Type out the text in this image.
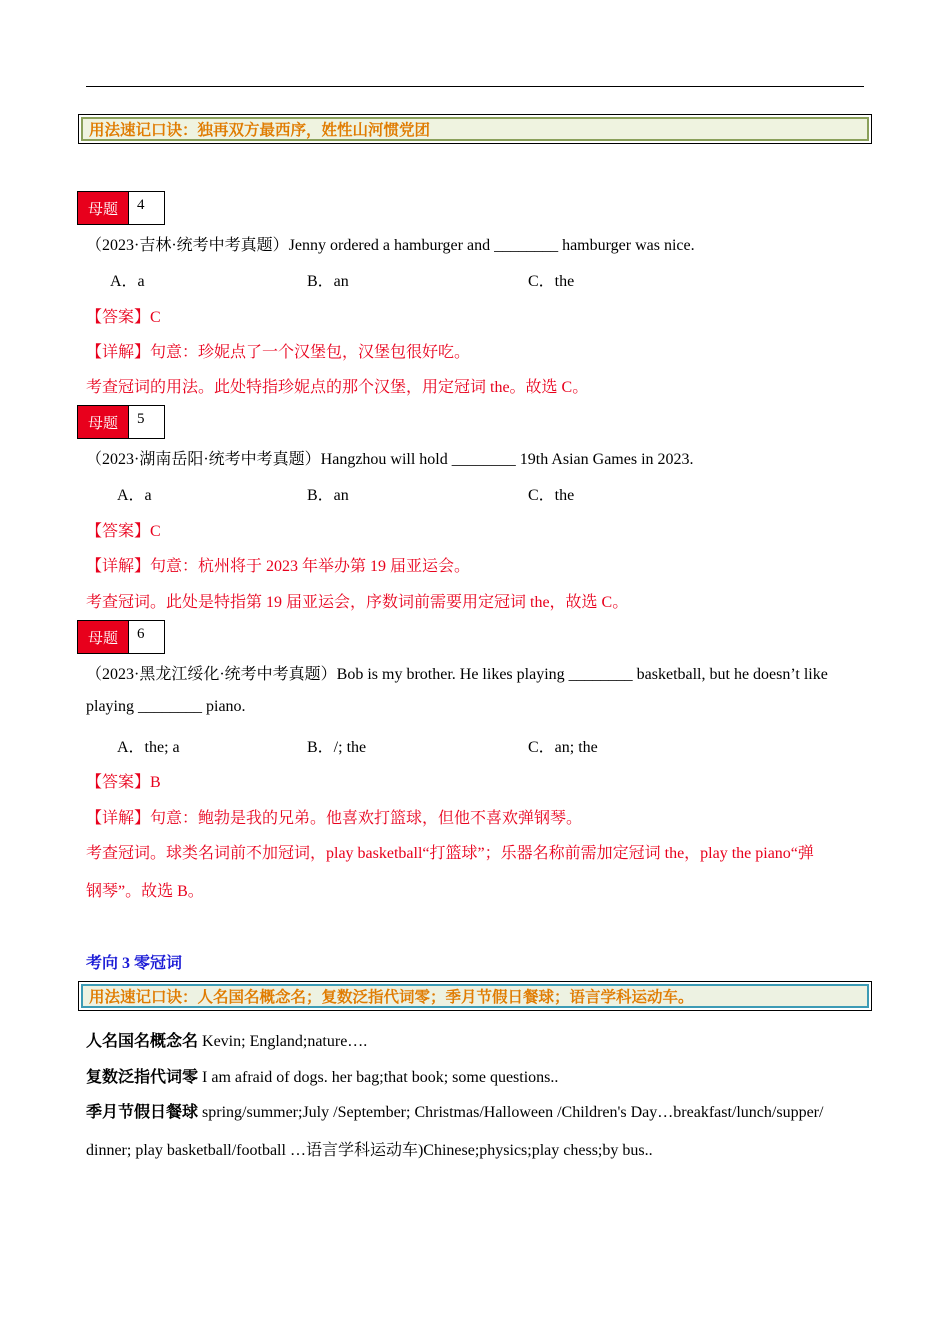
用法速记口诀：独再双方最西序，姓性山河惯党团
母题	4
（2023·吉林·统考中考真题）Jenny ordered a hamburger and ________ hamburger was nice.
A．a	B．an	C．the
【答案】C
【详解】句意：珍妮点了一个汉堡包，汉堡包很好吃。
考查冠词的用法。此处特指珍妮点的那个汉堡，用定冠词 the。故选 C。
母题	5
（2023·湖南岳阳·统考中考真题）Hangzhou will hold ________ 19th Asian Games in 2023.
A．a	B．an	C．the
【答案】C
【详解】句意：杭州将于 2023 年举办第 19 届亚运会。
考查冠词。此处是特指第 19 届亚运会，序数词前需要用定冠词 the，故选 C。
母题	6
（2023·黑龙江绥化·统考中考真题）Bob is my brother. He likes playing ________ basketball, but he doesn’t like
playing ________ piano.
A．the; a	B．/; the	C．an; the
【答案】B
【详解】句意：鲍勃是我的兄弟。他喜欢打篮球，但他不喜欢弹钢琴。
考查冠词。球类名词前不加冠词，play basketball“打篮球”；乐器名称前需加定冠词 the，play the piano“弹
钢琴”。故选 B。
考向 3 零冠词
用法速记口诀：人名国名概念名；复数泛指代词零；季月节假日餐球；语言学科运动车。
人名国名概念名 Kevin; England;nature….
复数泛指代词零 I am afraid of dogs. her bag;that book; some questions..
季月节假日餐球 spring/summer;July /September; Christmas/Halloween /Children's Day…breakfast/lunch/supper/
dinner; play basketball/football …语言学科运动车)Chinese;physics;play chess;by bus..
